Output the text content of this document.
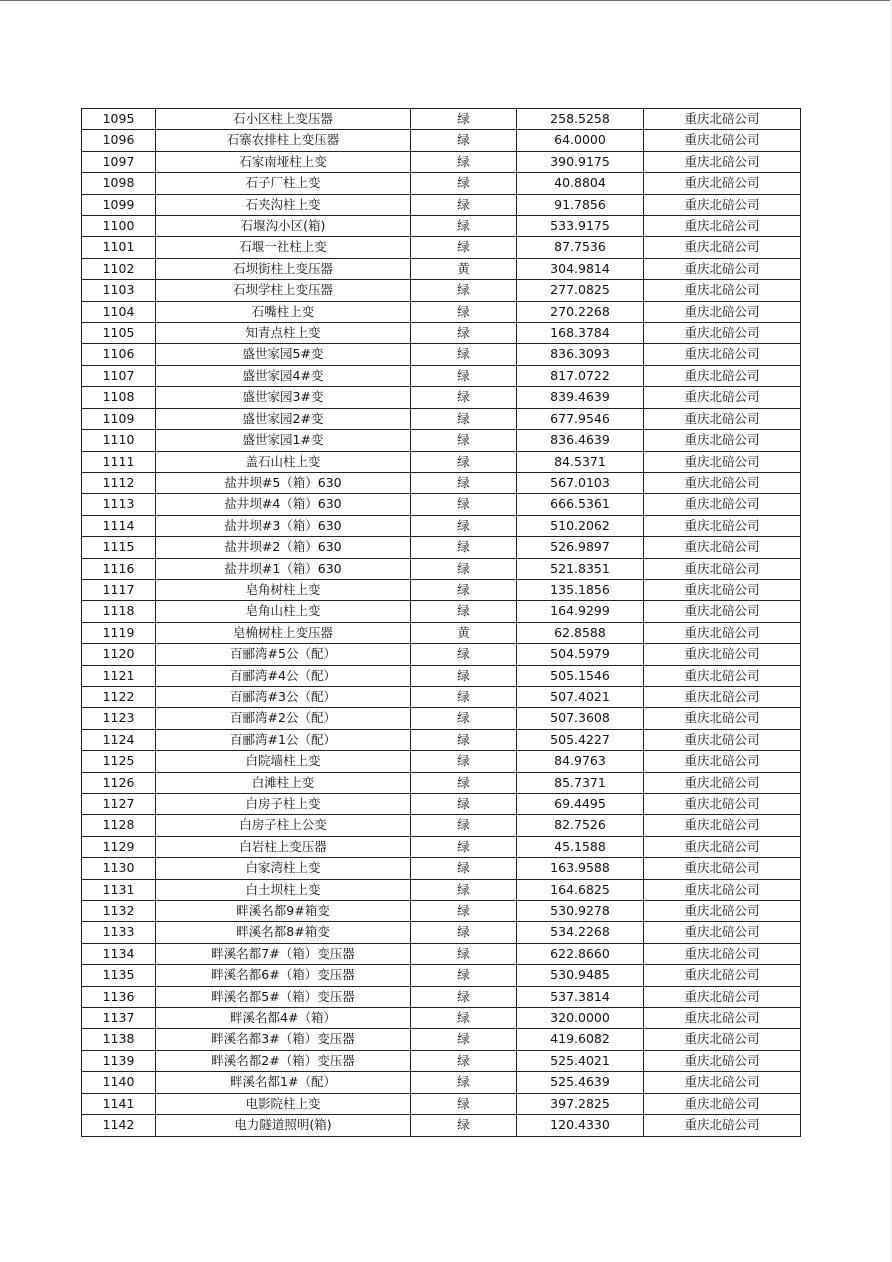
1095	石小区柱上变压器	绿	258.5258	重庆北碚公司
1096	石寨农排柱上变压器	绿	64.0000	重庆北碚公司
1097	石家南垭柱上变	绿	390.9175	重庆北碚公司
1098	石子厂柱上变	绿	40.8804	重庆北碚公司
1099	石夹沟柱上变	绿	91.7856	重庆北碚公司
1100	石堰沟小区(箱)	绿	533.9175	重庆北碚公司
1101	石堰一社柱上变	绿	87.7536	重庆北碚公司
1102	石坝街柱上变压器	黄	304.9814	重庆北碚公司
1103	石坝学柱上变压器	绿	277.0825	重庆北碚公司
1104	石嘴柱上变	绿	270.2268	重庆北碚公司
1105	知青点柱上变	绿	168.3784	重庆北碚公司
1106	盛世家园5#变	绿	836.3093	重庆北碚公司
1107	盛世家园4#变	绿	817.0722	重庆北碚公司
1108	盛世家园3#变	绿	839.4639	重庆北碚公司
1109	盛世家园2#变	绿	677.9546	重庆北碚公司
1110	盛世家园1#变	绿	836.4639	重庆北碚公司
1111	盖石山柱上变	绿	84.5371	重庆北碚公司
1112	盐井坝#5（箱）630	绿	567.0103	重庆北碚公司
1113	盐井坝#4（箱）630	绿	666.5361	重庆北碚公司
1114	盐井坝#3（箱）630	绿	510.2062	重庆北碚公司
1115	盐井坝#2（箱）630	绿	526.9897	重庆北碚公司
1116	盐井坝#1（箱）630	绿	521.8351	重庆北碚公司
1117	皂角树柱上变	绿	135.1856	重庆北碚公司
1118	皂角山柱上变	绿	164.9299	重庆北碚公司
1119	皂桷树柱上变压器	黄	62.8588	重庆北碚公司
1120	百郦湾#5公（配）	绿	504.5979	重庆北碚公司
1121	百郦湾#4公（配）	绿	505.1546	重庆北碚公司
1122	百郦湾#3公（配）	绿	507.4021	重庆北碚公司
1123	百郦湾#2公（配）	绿	507.3608	重庆北碚公司
1124	百郦湾#1公（配）	绿	505.4227	重庆北碚公司
1125	白院墙柱上变	绿	84.9763	重庆北碚公司
1126	白滩柱上变	绿	85.7371	重庆北碚公司
1127	白房子柱上变	绿	69.4495	重庆北碚公司
1128	白房子柱上公变	绿	82.7526	重庆北碚公司
1129	白岩柱上变压器	绿	45.1588	重庆北碚公司
1130	白家湾柱上变	绿	163.9588	重庆北碚公司
1131	白土坝柱上变	绿	164.6825	重庆北碚公司
1132	畔溪名都9#箱变	绿	530.9278	重庆北碚公司
1133	畔溪名都8#箱变	绿	534.2268	重庆北碚公司
1134	畔溪名都7#（箱）变压器	绿	622.8660	重庆北碚公司
1135	畔溪名都6#（箱）变压器	绿	530.9485	重庆北碚公司
1136	畔溪名都5#（箱）变压器	绿	537.3814	重庆北碚公司
1137	畔溪名都4#（箱）	绿	320.0000	重庆北碚公司
1138	畔溪名都3#（箱）变压器	绿	419.6082	重庆北碚公司
1139	畔溪名都2#（箱）变压器	绿	525.4021	重庆北碚公司
1140	畔溪名都1#（配）	绿	525.4639	重庆北碚公司
1141	电影院柱上变	绿	397.2825	重庆北碚公司
1142	电力隧道照明(箱)	绿	120.4330	重庆北碚公司
